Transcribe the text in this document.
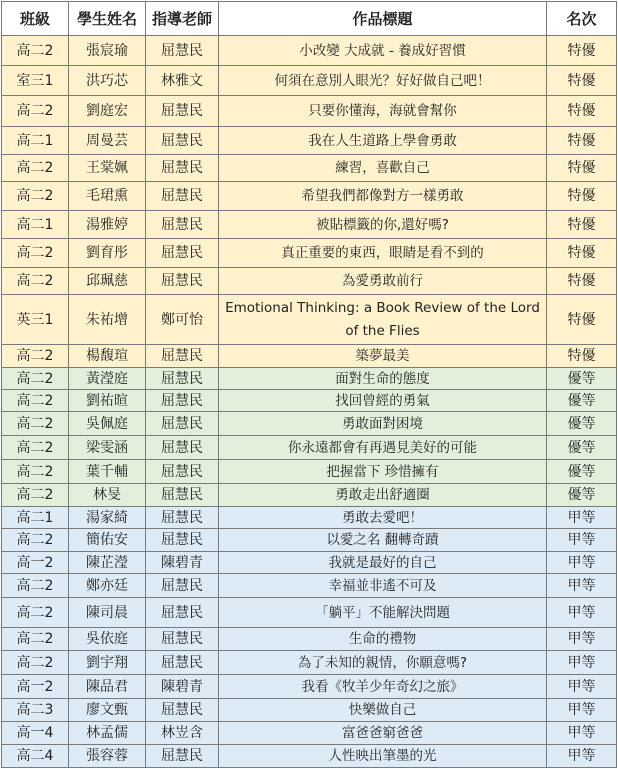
班級	學生姓名	指導老師	作品標題	名次
高二2	張宸瑜	屈慧民	小改變 大成就 - 養成好習慣	特優
室三1	洪巧芯	林雅文	何須在意別人眼光？好好做自己吧！	特優
高二2	劉庭宏	屈慧民	只要你懂海，海就會幫你	特優
高二1	周曼芸	屈慧民	我在人生道路上學會勇敢	特優
高二2	王棠姵	屈慧民	練習，喜歡自己	特優
高二2	毛珺熏	屈慧民	希望我們都像對方一樣勇敢	特優
高二1	湯雅婷	屈慧民	被貼標籤的你,還好嗎?	特優
高二2	劉育彤	屈慧民	真正重要的東西，眼睛是看不到的	特優
高二2	邱珮慈	屈慧民	為愛勇敢前行	特優
英三1	朱祐增	鄭可怡	Emotional Thinking: a Book Review of the Lord of the Flies	特優
高二2	楊馥瑄	屈慧民	築夢最美	特優
高二2	黃瀅庭	屈慧民	面對生命的態度	優等
高二2	劉祐暄	屈慧民	找回曾經的勇氣	優等
高二2	吳佩庭	屈慧民	勇敢面對困境	優等
高二2	梁雯涵	屈慧民	你永遠都會有再遇見美好的可能	優等
高二2	葉千輔	屈慧民	把握當下 珍惜擁有	優等
高二2	林旻	屈慧民	勇敢走出舒適圈	優等
高二1	湯家綺	屈慧民	勇敢去愛吧！	甲等
高二2	簡佑安	屈慧民	以愛之名 翻轉奇蹟	甲等
高一2	陳芷瀅	陳碧青	我就是最好的自己	甲等
高二2	鄭亦廷	屈慧民	幸福並非遙不可及	甲等
高二2	陳司晨	屈慧民	「躺平」不能解決問題	甲等
高二2	吳依庭	屈慧民	生命的禮物	甲等
高二2	劉宇翔	屈慧民	為了未知的親情，你願意嗎?	甲等
高一2	陳品君	陳碧青	我看《牧羊少年奇幻之旅》	甲等
高二3	廖文甄	屈慧民	快樂做自己	甲等
高一4	林孟儒	林岦含	富爸爸窮爸爸	甲等
高二4	張容蓉	屈慧民	人性映出筆墨的光	甲等
